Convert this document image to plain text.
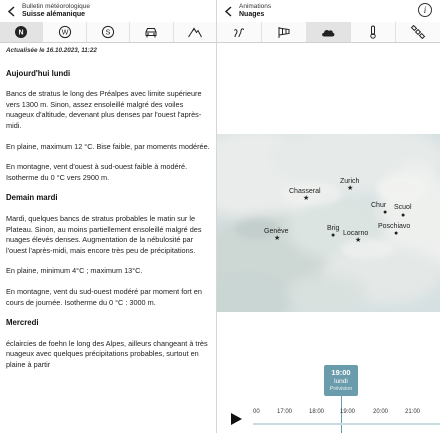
Bulletin météorologique
Suisse alémanique
N	W	S
Actualisée le 16.10.2023, 11:22
Aujourd'hui lundi

Bancs de stratus le long des Préalpes avec limite supérieure vers 1300 m. Sinon, assez ensoleillé malgré des voiles nuageux d'altitude, devenant plus denses par l'ouest l'après-midi.

En plaine, maximum 12 °C. Bise faible, par moments modérée.

En montagne, vent d'ouest à sud-ouest faible à modéré. Isotherme du 0 °C vers 2900 m.

Demain mardi

Mardi, quelques bancs de stratus probables le matin sur le Plateau. Sinon, au moins partiellement ensoleillé malgré des nuages élevés denses. Augmentation de la nébulosité par l'ouest l'après-midi, mais encore très peu de précipitations.

En plaine, minimum 4°C ; maximum 13°C.

En montagne, vent du sud-ouest modéré par moment fort en cours de journée. Isotherme du 0 °C : 3000 m.

Mercredi

éclaircies de foehn le long des Alpes, ailleurs changeant à très nuageux avec quelques précipitations probables, surtout en plaine à partir

Animations
Nuages	i
Zurich
★
Chasseral
★
Chur
●
Scuol
●
Genève
★
Brig
● Locarno
★
Poschiavo
●
19:00
lundi
Prévision
00	17:00	18:00	19:00	20:00	21:00
